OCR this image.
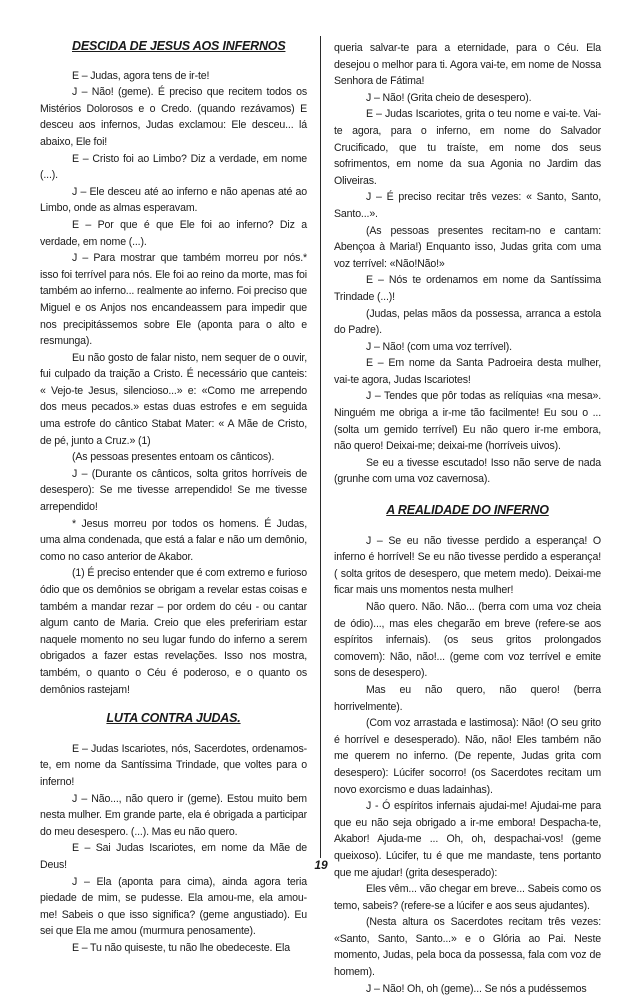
DESCIDA DE JESUS AOS INFERNOS

E – Judas, agora tens de ir-te!

J – Não! (geme). É preciso que recitem todos os Mistérios Dolorosos e o Credo. (quando rezávamos) E desceu aos infernos, Judas exclamou: Ele desceu... lá abaixo, Ele foi!

E – Cristo foi ao Limbo? Diz a verdade, em nome (...).

J – Ele desceu até ao inferno e não apenas até ao Limbo, onde as almas esperavam.

E – Por que é que Ele foi ao inferno? Diz a verdade, em nome (...).

J – Para mostrar que também morreu por nós.* isso foi terrível para nós. Ele foi ao reino da morte, mas foi também ao inferno... realmente ao inferno. Foi preciso que Miguel e os Anjos nos encandeassem para impedir que nos precipitássemos sobre Ele (aponta para o alto e resmunga).

Eu não gosto de falar nisto, nem sequer de o ouvir, fui culpado da traição a Cristo. É necessário que canteis: « Vejo-te Jesus, silencioso...» e: «Como me arrependo dos meus pecados.» estas duas estrofes e em seguida uma estrofe do cântico Stabat Mater: « A Mãe de Cristo, de pé, junto a Cruz.» (1)

(As pessoas presentes entoam os cânticos).

J – (Durante os cânticos, solta gritos horríveis de desespero): Se me tivesse arrependido! Se me tivesse arrependido!

* Jesus morreu por todos os homens. É Judas, uma alma condenada, que está a falar e não um demônio, como no caso anterior de Akabor.

(1) É preciso entender que é com extremo e furioso ódio que os demônios se obrigam a revelar estas coisas e também a mandar rezar – por ordem do céu - ou cantar algum canto de Maria. Creio que eles prefeririam estar naquele momento no seu lugar fundo do inferno a serem obrigados a fazer estas revelações. Isso nos mostra, também, o quanto o Céu é poderoso, e o quanto os demônios rastejam!

LUTA CONTRA JUDAS.

E – Judas Iscariotes, nós, Sacerdotes, ordenamos-te, em nome da Santíssima Trindade, que voltes para o inferno!

J – Não..., não quero ir (geme). Estou muito bem nesta mulher. Em grande parte, ela é obrigada a participar do meu desespero. (...). Mas eu não quero.

E – Sai Judas Iscariotes, em nome da Mãe de Deus!

J – Ela (aponta para cima), ainda agora teria piedade de mim, se pudesse. Ela amou-me, ela amou-me! Sabeis o que isso significa? (geme angustiado). Eu sei que Ela me amou (murmura penosamente).

E – Tu não quiseste, tu não lhe obedeceste. Ela

queria salvar-te para a eternidade, para o Céu. Ela desejou o melhor para ti. Agora vai-te, em nome de Nossa Senhora de Fátima!

J – Não! (Grita cheio de desespero).

E – Judas Iscariotes, grita o teu nome e vai-te. Vai-te agora, para o inferno, em nome do Salvador Crucificado, que tu traíste, em nome dos seus sofrimentos, em nome da sua Agonia no Jardim das Oliveiras.

J – É preciso recitar três vezes: « Santo, Santo, Santo...».

(As pessoas presentes recitam-no e cantam: Abençoa à Maria!) Enquanto isso, Judas grita com uma voz terrível: «Não!Não!»

E – Nós te ordenamos em nome da Santíssima Trindade (...)!

(Judas, pelas mãos da possessa, arranca a estola do Padre).

J – Não! (com uma voz terrível).

E – Em nome da Santa Padroeira desta mulher, vai-te agora, Judas Iscariotes!

J – Tendes que pôr todas as relíquias «na mesa». Ninguém me obriga a ir-me tão facilmente! Eu sou o ... (solta um gemido terrível) Eu não quero ir-me embora, não quero! Deixai-me; deixai-me (horríveis uivos).

Se eu a tivesse escutado! Isso não serve de nada (grunhe com uma voz cavernosa).

A REALIDADE DO INFERNO

J – Se eu não tivesse perdido a esperança! O inferno é horrível! Se eu não tivesse perdido a esperança! ( solta gritos de desespero, que metem medo). Deixai-me ficar mais uns momentos nesta mulher!

Não quero. Não. Não... (berra com uma voz cheia de ódio)..., mas eles chegarão em breve (refere-se aos espíritos infernais). (os seus gritos prolongados comovem): Não, não!... (geme com voz terrível e emite sons de desespero).

Mas eu não quero, não quero! (berra horrivelmente).

(Com voz arrastada e lastimosa): Não! (O seu grito é horrível e desesperado). Não, não! Eles também não me querem no inferno. (De repente, Judas grita com desespero): Lúcifer socorro! (os Sacerdotes recitam um novo exorcismo e duas ladainhas).

J - Ó espíritos infernais ajudai-me! Ajudai-me para que eu não seja obrigado a ir-me embora! Despacha-te, Akabor! Ajuda-me ... Oh, oh, despachai-vos! (geme queixoso). Lúcifer, tu é que me mandaste, tens portanto que me ajudar! (grita desesperado):

Eles vêm... vão chegar em breve... Sabeis como os temo, sabeis? (refere-se a lúcifer e aos seus ajudantes).

(Nesta altura os Sacerdotes recitam três vezes: «Santo, Santo, Santo...» e o Glória ao Pai. Neste momento, Judas, pela boca da possessa, fala com voz de homem).

J – Não! Oh, oh (geme)... Se nós a pudéssemos

19
